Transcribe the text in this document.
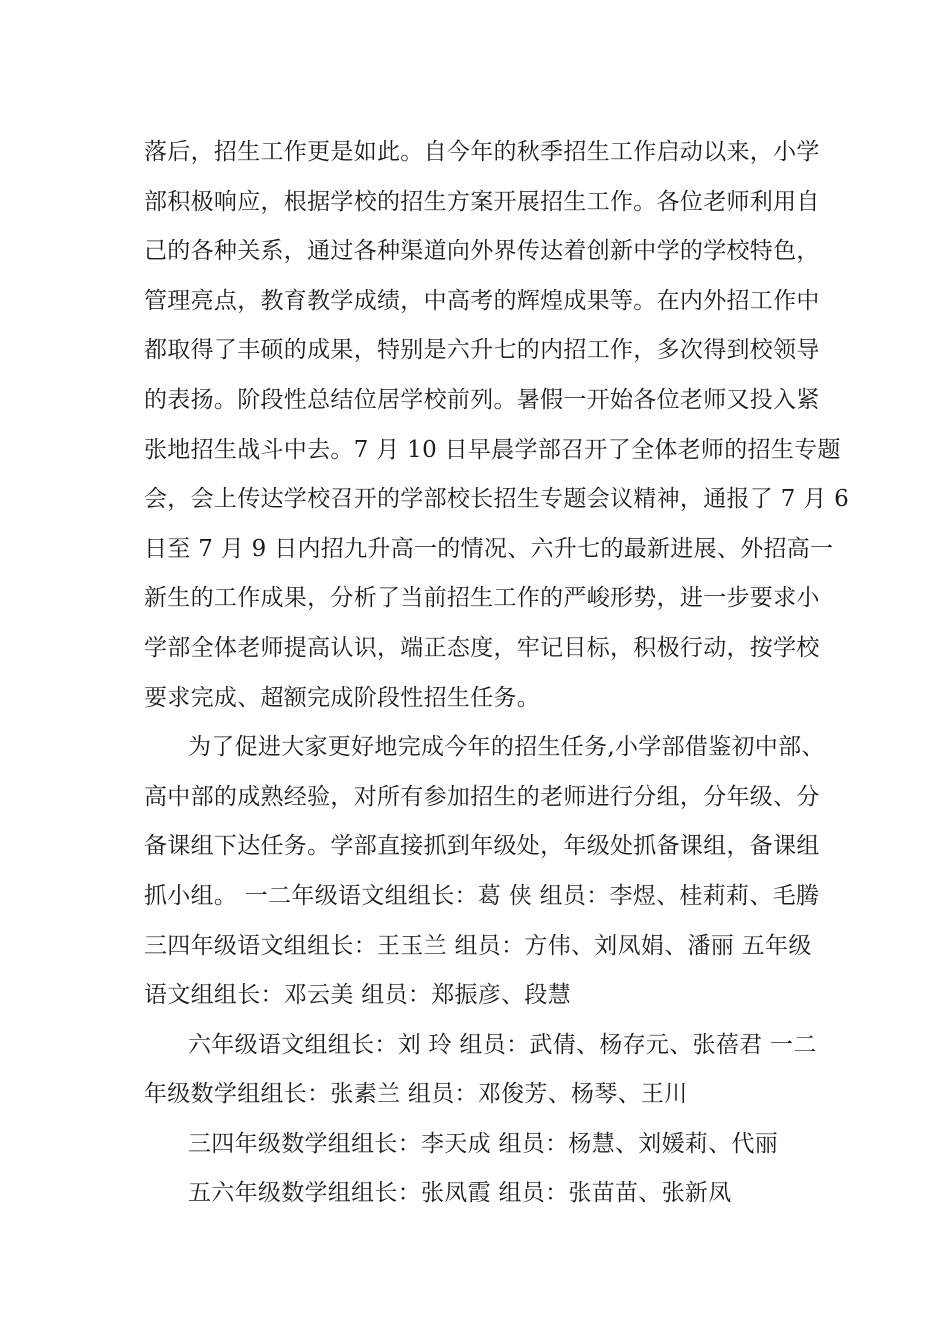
落后，招生工作更是如此。自今年的秋季招生工作启动以来，小学
部积极响应，根据学校的招生方案开展招生工作。各位老师利用自
己的各种关系，通过各种渠道向外界传达着创新中学的学校特色，
管理亮点，教育教学成绩，中高考的辉煌成果等。在内外招工作中
都取得了丰硕的成果，特别是六升七的内招工作，多次得到校领导
的表扬。阶段性总结位居学校前列。暑假一开始各位老师又投入紧
张地招生战斗中去。7 月 10 日早晨学部召开了全体老师的招生专题
会，会上传达学校召开的学部校长招生专题会议精神，通报了 7 月 6
日至 7 月 9 日内招九升高一的情况、六升七的最新进展、外招高一
新生的工作成果，分析了当前招生工作的严峻形势，进一步要求小
学部全体老师提高认识，端正态度，牢记目标，积极行动，按学校
要求完成、超额完成阶段性招生任务。
为了促进大家更好地完成今年的招生任务,小学部借鉴初中部、
高中部的成熟经验，对所有参加招生的老师进行分组，分年级、分
备课组下达任务。学部直接抓到年级处，年级处抓备课组，备课组
抓小组。 一二年级语文组组长：葛 侠 组员：李煜、桂莉莉、毛腾
三四年级语文组组长：王玉兰 组员：方伟、刘凤娟、潘丽 五年级
语文组组长：邓云美 组员：郑振彦、段慧
六年级语文组组长：刘 玲 组员：武倩、杨存元、张蓓君 一二
年级数学组组长：张素兰 组员：邓俊芳、杨琴、王川
三四年级数学组组长：李天成 组员：杨慧、刘媛莉、代丽
五六年级数学组组长：张凤霞 组员：张苗苗、张新凤
